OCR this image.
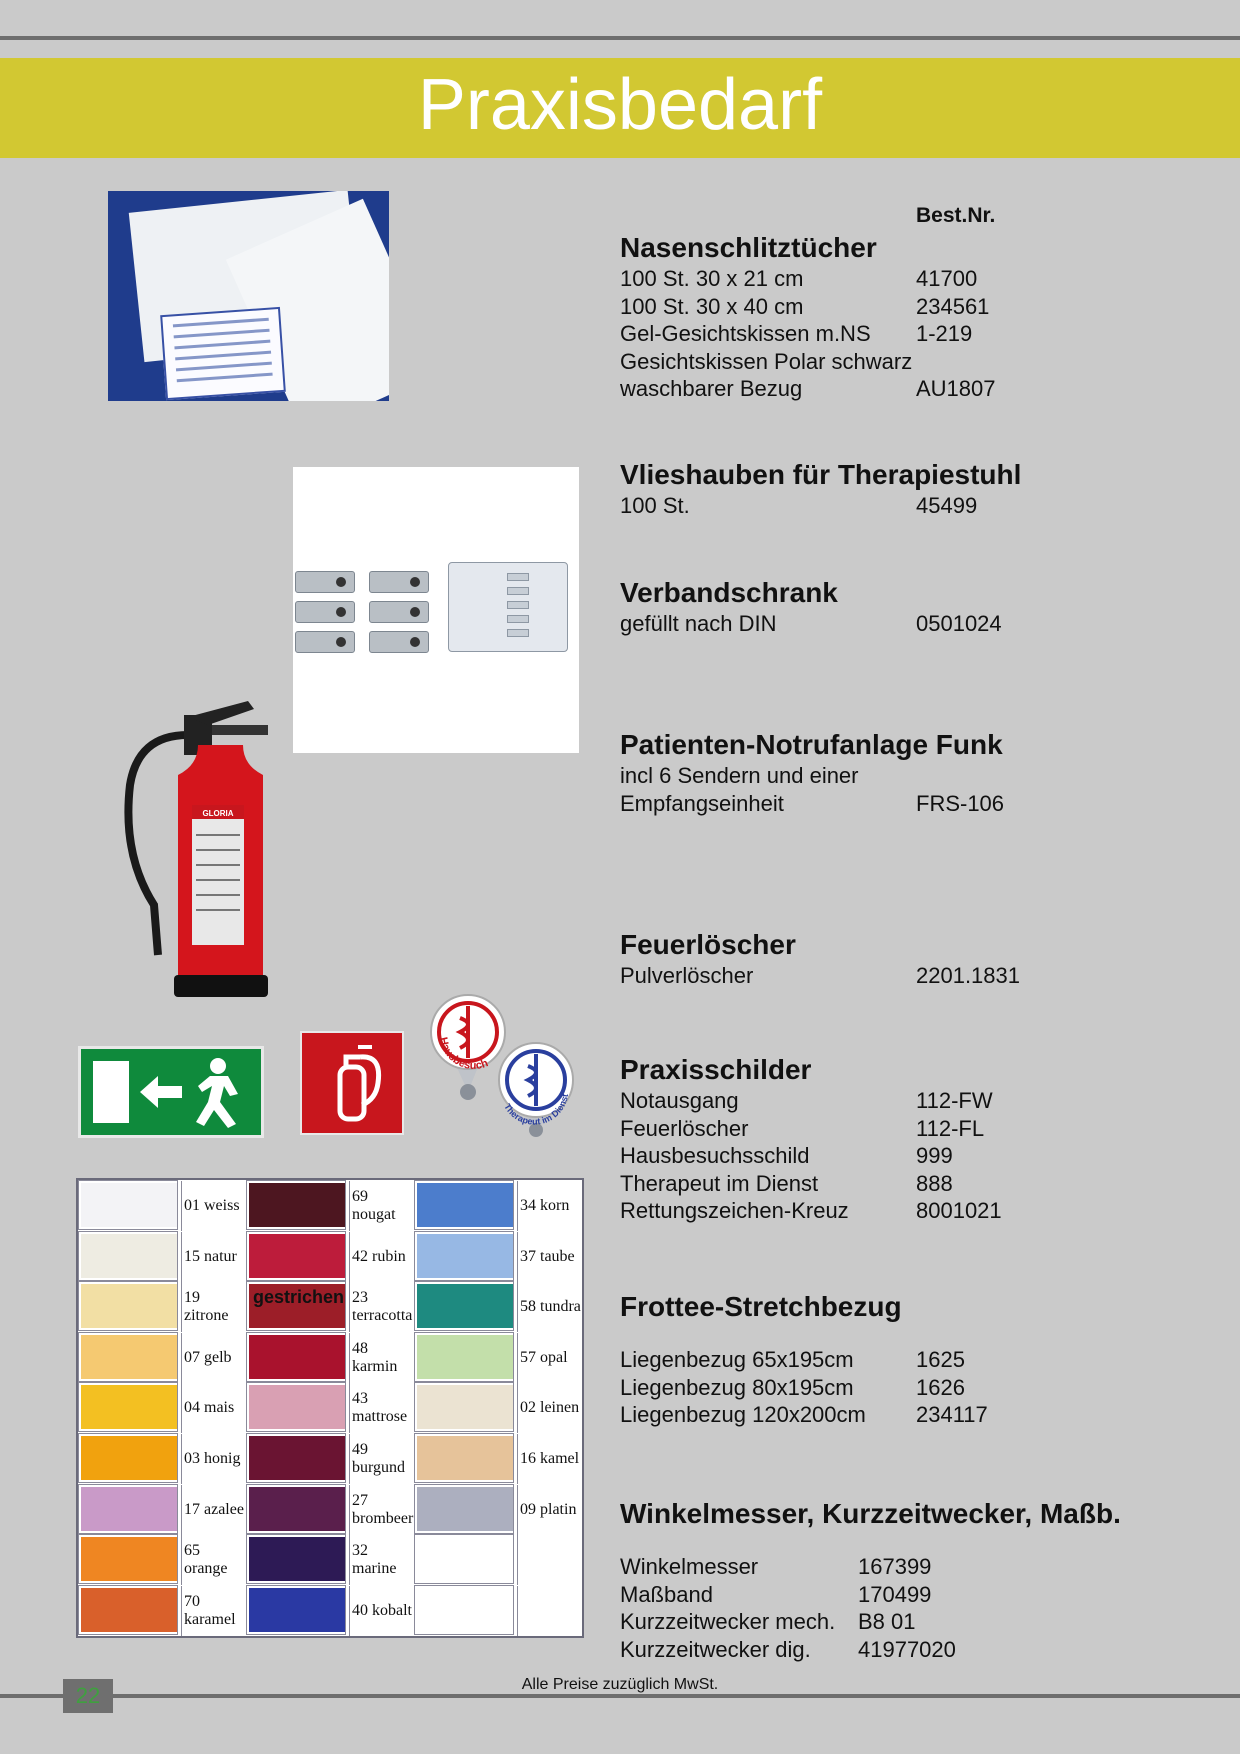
Praxisbedarf
Best.Nr.
Nasenschlitztücher
100 St. 30 x 21 cm	41700
100 St. 30 x 40 cm	234561
Gel-Gesichtskissen m.NS 1-219
Gesichtskissen Polar schwarz
waschbarer Bezug	AU1807
Vlieshauben für Therapiestuhl
100 St.	45499
Verbandschrank
gefüllt nach DIN	0501024
Patienten-Notrufanlage Funk
incl 6 Sendern und einer
Empfangseinheit	FRS-106
Feuerlöscher
Pulverlöscher	2201.1831
Praxisschilder
Notausgang	112-FW
Feuerlöscher	112-FL
Hausbesuchsschild	999
Therapeut im Dienst	888
Rettungszeichen-Kreuz	8001021
Frottee-Stretchbezug
Liegenbezug 65x195cm	1625
Liegenbezug 80x195cm	1626
Liegenbezug 120x200cm 234117
Winkelmesser, Kurzzeitwecker, Maßb.
Winkelmesser	167399
Maßband	170499
Kurzzeitwecker mech. B8 01
Kurzzeitwecker dig. 41977020
GLORIA
Hausbesuch
Therapeut im Dienst
01 weiss
15 natur
19 zitrone
07 gelb
04 mais
03 honig
17 azalee
65 orange
70 karamel
69 nougat
42 rubin
23 terracotta
48 karmin
43 mattrose
49 burgund
27 brombeer
32 marine
40 kobalt
34 korn
37 taube
58 tundra
57 opal
02 leinen
16 kamel
09 platin
gestrichen
22	Alle Preise zuzüglich MwSt.
